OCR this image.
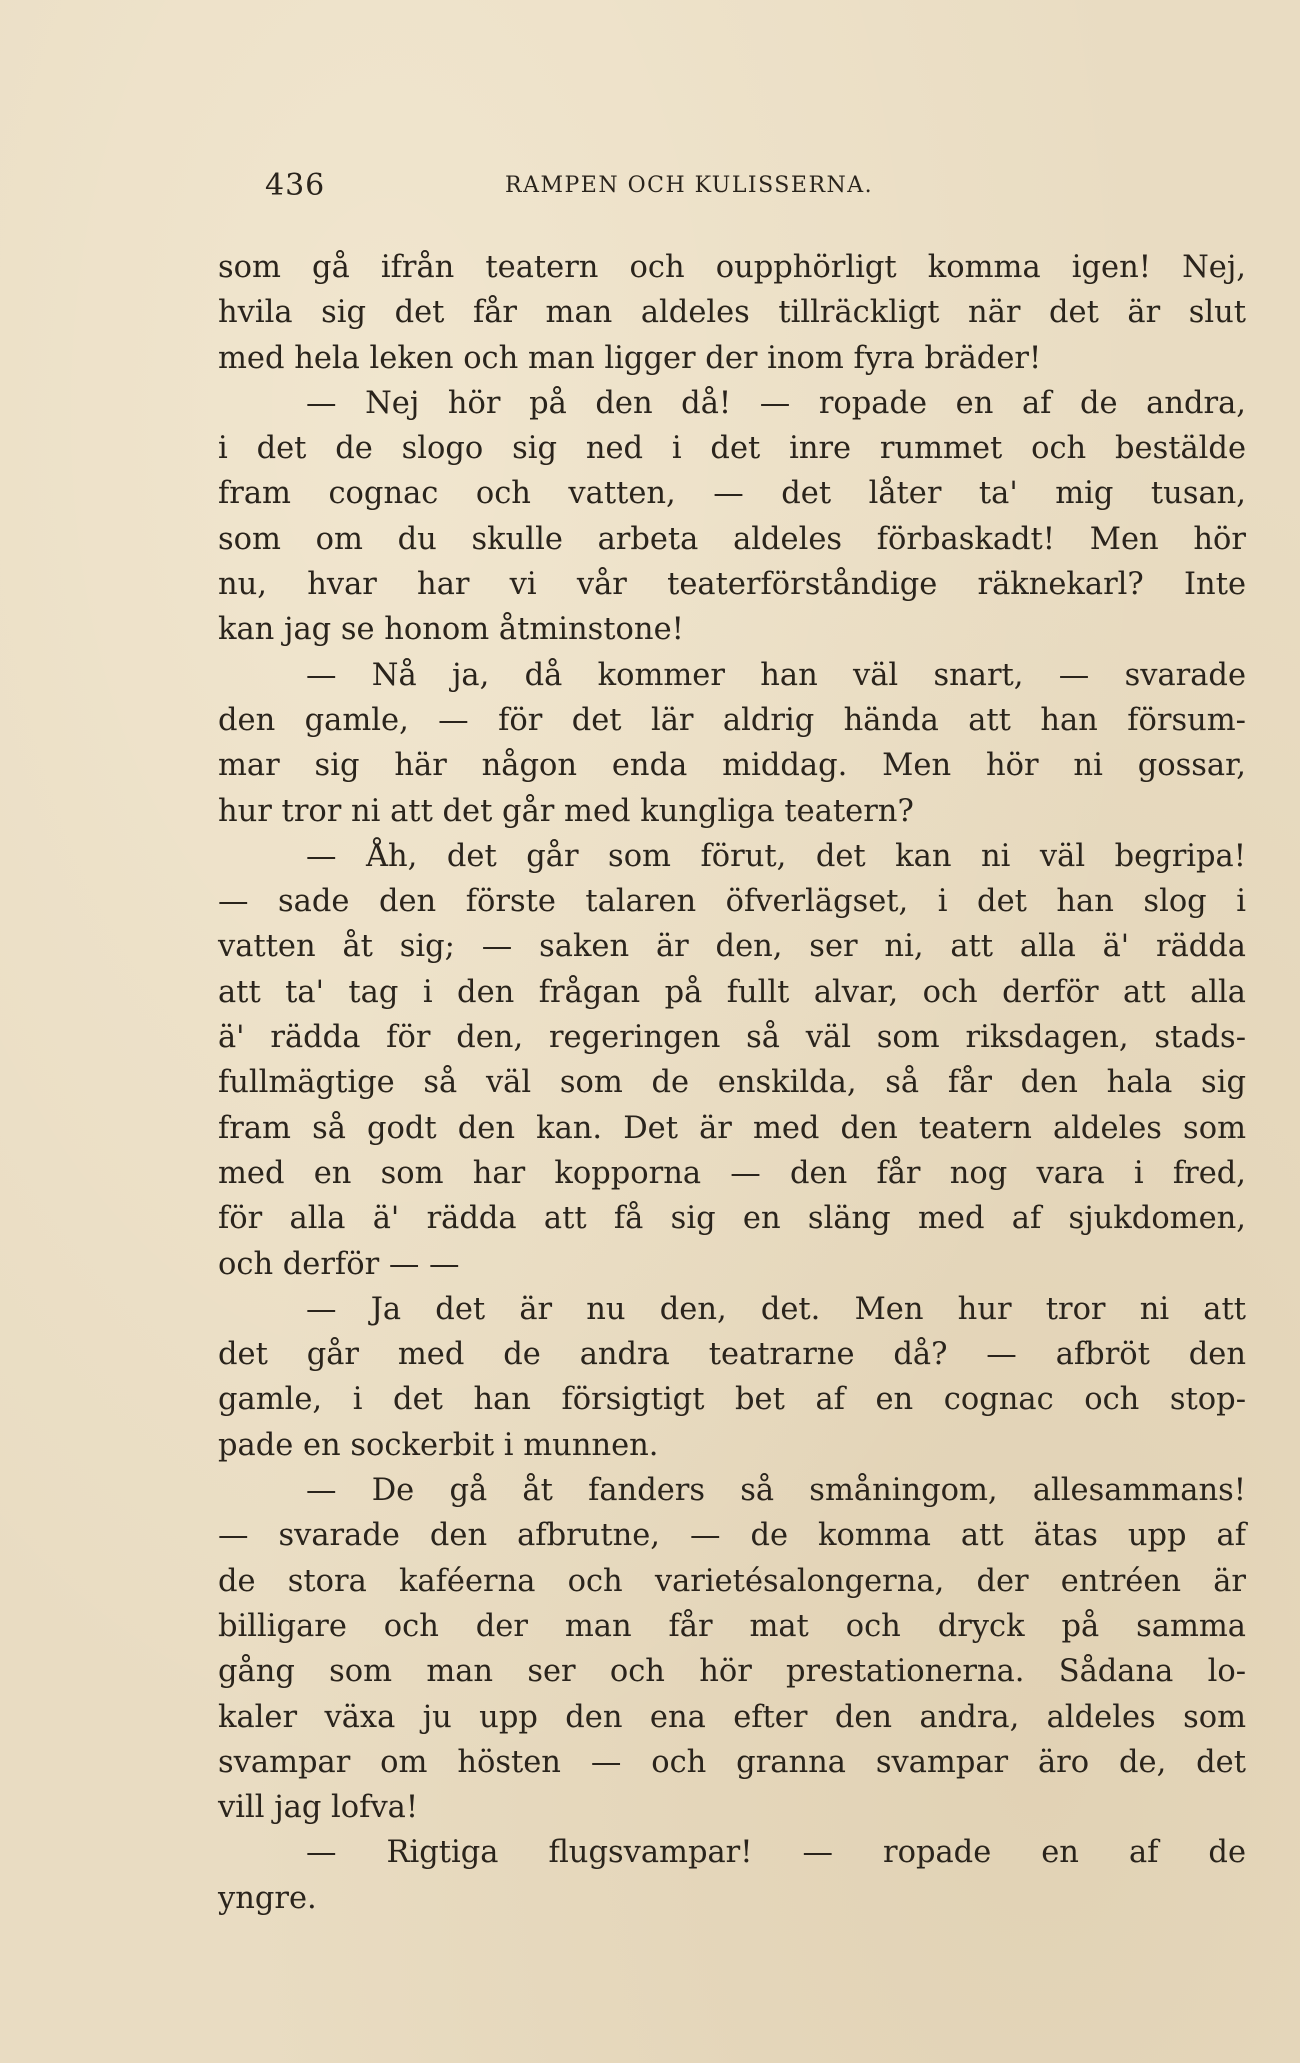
436	RAMPEN OCH KULISSERNA.
som gå ifrån teatern och oupphörligt komma igen! Nej,
hvila sig det får man aldeles tillräckligt när det är slut
med hela leken och man ligger der inom fyra bräder!
— Nej hör på den då! — ropade en af de andra,
i det de slogo sig ned i det inre rummet och bestälde
fram cognac och vatten, — det låter ta' mig tusan,
som om du skulle arbeta aldeles förbaskadt! Men hör
nu, hvar har vi vår teaterförståndige räknekarl? Inte
kan jag se honom åtminstone!
— Nå ja, då kommer han väl snart, — svarade
den gamle, — för det lär aldrig hända att han försum-
mar sig här någon enda middag. Men hör ni gossar,
hur tror ni att det går med kungliga teatern?
— Åh, det går som förut, det kan ni väl begripa!
— sade den förste talaren öfverlägset, i det han slog i
vatten åt sig; — saken är den, ser ni, att alla ä' rädda
att ta' tag i den frågan på fullt alvar, och derför att alla
ä' rädda för den, regeringen så väl som riksdagen, stads-
fullmägtige så väl som de enskilda, så får den hala sig
fram så godt den kan. Det är med den teatern aldeles som
med en som har kopporna — den får nog vara i fred,
för alla ä' rädda att få sig en släng med af sjukdomen,
och derför — —
— Ja det är nu den, det. Men hur tror ni att
det går med de andra teatrarne då? — afbröt den
gamle, i det han försigtigt bet af en cognac och stop-
pade en sockerbit i munnen.
— De gå åt fanders så småningom, allesammans!
— svarade den afbrutne, — de komma att ätas upp af
de stora kaféerna och varietésalongerna, der entréen är
billigare och der man får mat och dryck på samma
gång som man ser och hör prestationerna. Sådana lo-
kaler växa ju upp den ena efter den andra, aldeles som
svampar om hösten — och granna svampar äro de, det
vill jag lofva!
— Rigtiga flugsvampar! — ropade en af de
yngre.
